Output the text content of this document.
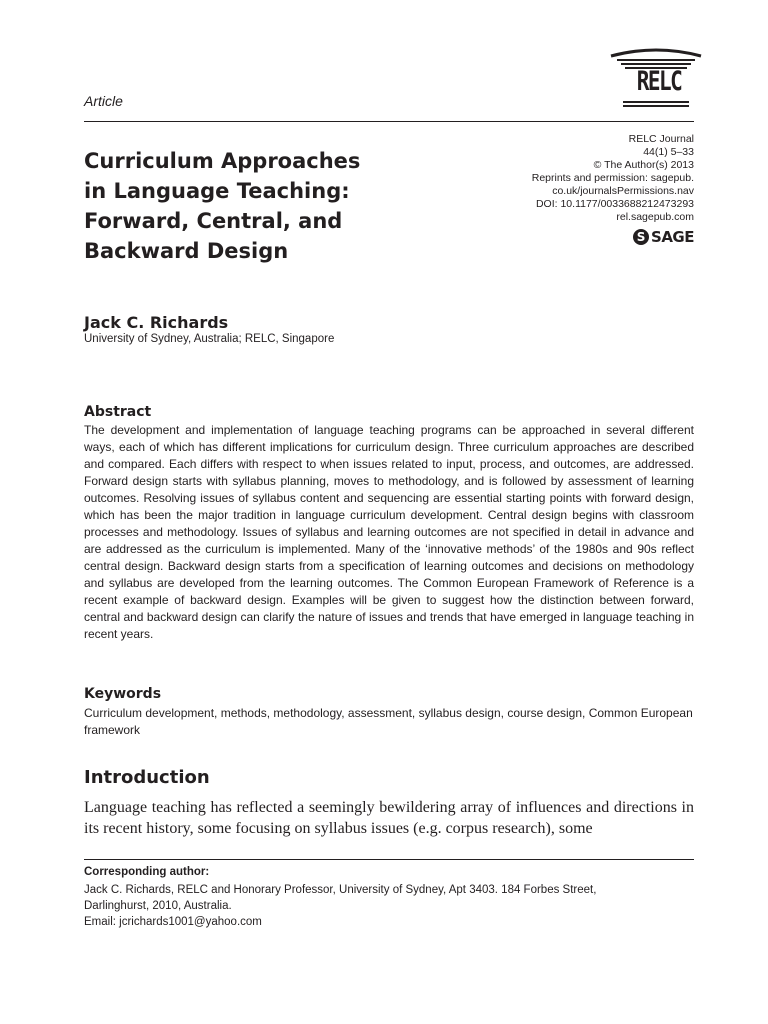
Article
RELC
Curriculum Approaches
in Language Teaching:
Forward, Central, and
Backward Design
RELC Journal
44(1) 5–33
© The Author(s) 2013
Reprints and permission: sagepub.
co.uk/journalsPermissions.nav
DOI: 10.1177/0033688212473293
rel.sagepub.com
S SAGE
Jack C. Richards
University of Sydney, Australia; RELC, Singapore
Abstract
The development and implementation of language teaching programs can be approached in several different ways, each of which has different implications for curriculum design. Three curriculum approaches are described and compared. Each differs with respect to when issues related to input, process, and outcomes, are addressed. Forward design starts with syllabus planning, moves to methodology, and is followed by assessment of learning outcomes. Resolving issues of syllabus content and sequencing are essential starting points with forward design, which has been the major tradition in language curriculum development. Central design begins with classroom processes and methodology. Issues of syllabus and learning outcomes are not specified in detail in advance and are addressed as the curriculum is implemented. Many of the ‘innovative methods’ of the 1980s and 90s reflect central design. Backward design starts from a specification of learning outcomes and decisions on methodology and syllabus are developed from the learning outcomes. The Common European Framework of Reference is a recent example of backward design. Examples will be given to suggest how the distinction between forward, central and backward design can clarify the nature of issues and trends that have emerged in language teaching in recent years.
Keywords
Curriculum development, methods, methodology, assessment, syllabus design, course design, Common European framework
Introduction
Language teaching has reflected a seemingly bewildering array of influences and directions in its recent history, some focusing on syllabus issues (e.g. corpus research), some
Corresponding author:
Jack C. Richards, RELC and Honorary Professor, University of Sydney, Apt 3403. 184 Forbes Street,
Darlinghurst, 2010, Australia.
Email: jcrichards1001@yahoo.com
